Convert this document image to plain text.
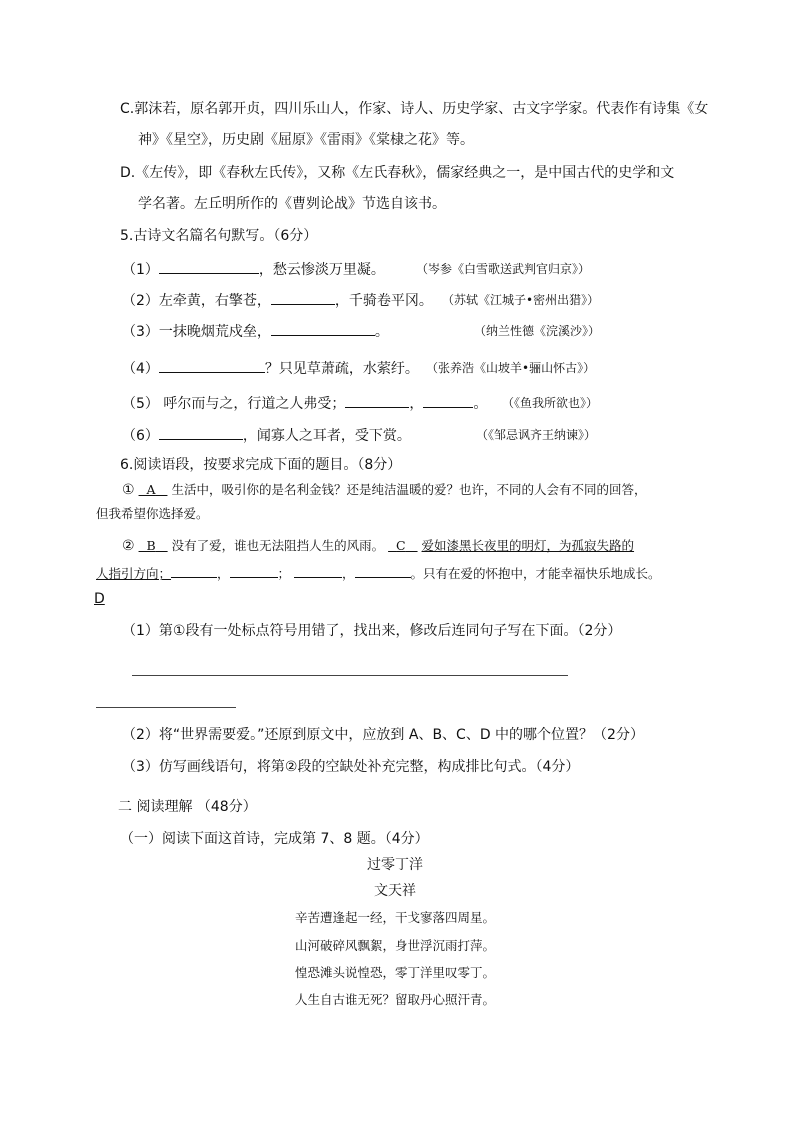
C.郭沫若，原名郭开贞，四川乐山人，作家、诗人、历史学家、古文字学家。代表作有诗集《女
神》《星空》，历史剧《屈原》《雷雨》《棠棣之花》等。
D.《左传》，即《春秋左氏传》，又称《左氏春秋》，儒家经典之一，是中国古代的史学和文
学名著。左丘明所作的《曹刿论战》节选自该书。
5.古诗文名篇名句默写。（6分）
（1）	，愁云惨淡万里凝。	（岑参《白雪歌送武判官归京》）
（2）左牵黄，右擎苍，	，千骑卷平冈。 （苏轼《江城子•密州出猎》）
（3）一抹晚烟荒戍垒，	。	（纳兰性德《浣溪沙》）
（4）	？只见草萧疏，水萦纡。 （张养浩《山坡羊•骊山怀古》）
（5） 呼尔而与之，行道之人弗受；	，	。 （《鱼我所欲也》）
（6）	，闻寡人之耳者，受下赏。	（《邹忌讽齐王纳谏》）
6.阅读语段，按要求完成下面的题目。（8分）
① A 生活中，吸引你的是名利金钱？还是纯洁温暖的爱？也许，不同的人会有不同的回答，
但我希望你选择爱。
② B 没有了爱，谁也无法阻挡人生的风雨。 C 爱如漆黑长夜里的明灯，为孤寂失路的
人指引方向；	，	；	，	。只有在爱的怀抱中，才能幸福快乐地成长。
D
（1）第①段有一处标点符号用错了，找出来，修改后连同句子写在下面。（2分）
（2）将“世界需要爱。”还原到原文中，应放到 A、B、C、D 中的哪个位置？（2分）
（3）仿写画线语句，将第②段的空缺处补充完整，构成排比句式。（4分）
二 阅读理解 （48分）
（一）阅读下面这首诗，完成第 7、8 题。（4分）
过零丁洋
文天祥
辛苦遭逢起一经，干戈寥落四周星。
山河破碎风飘絮，身世浮沉雨打萍。
惶恐滩头说惶恐，零丁洋里叹零丁。
人生自古谁无死？留取丹心照汗青。
